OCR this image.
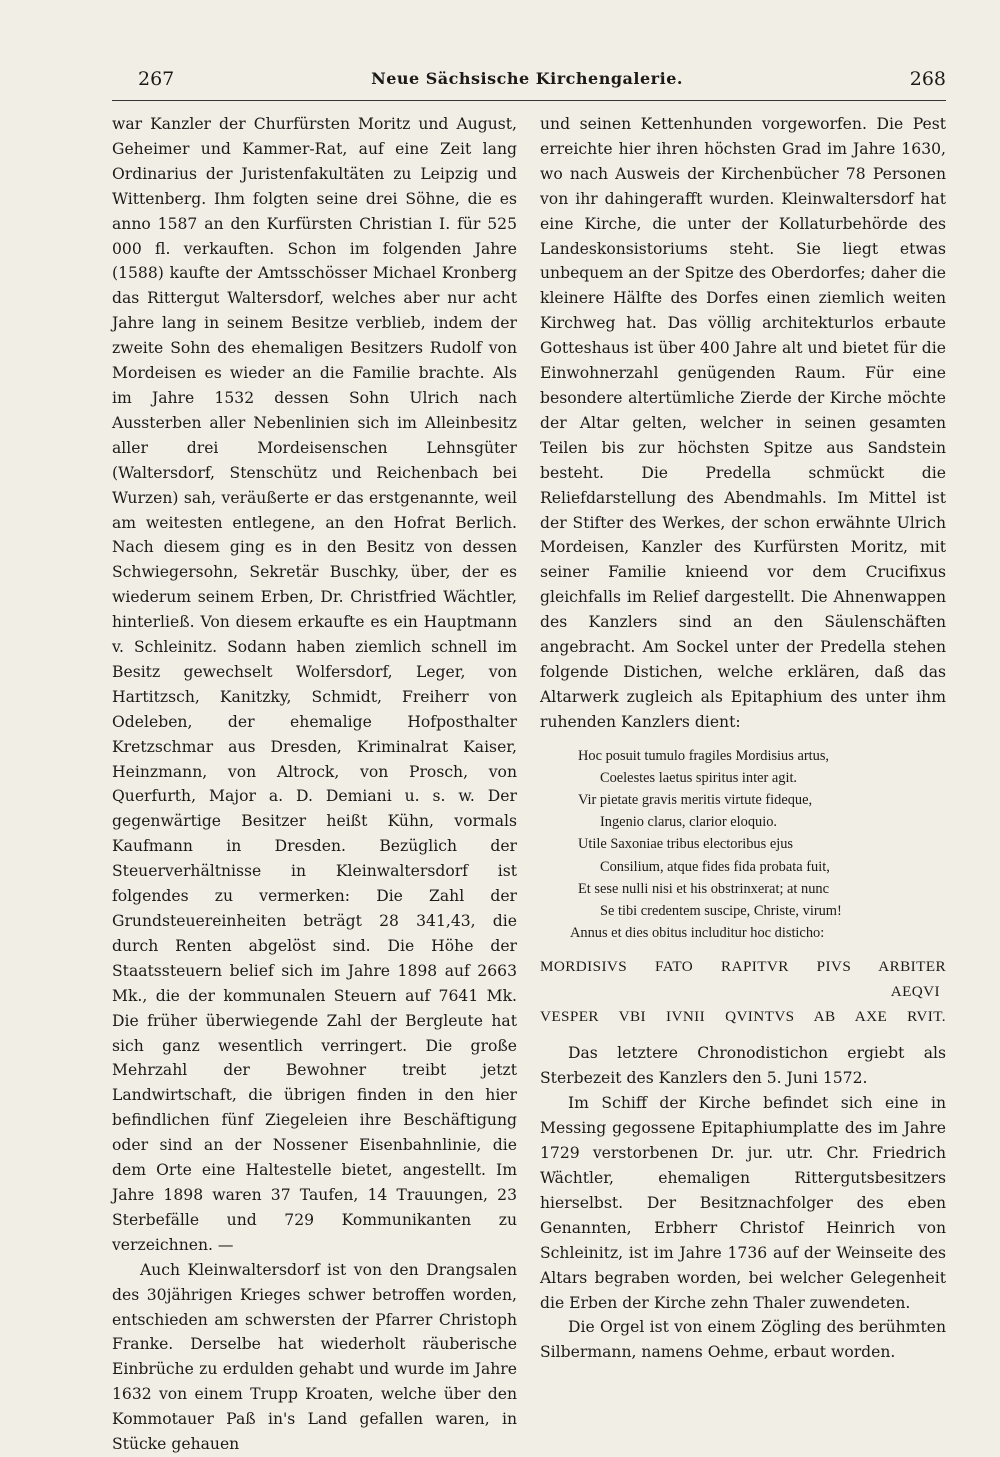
267	Neue Sächsische Kirchengalerie.	268

war Kanzler der Churfürsten Moritz und August, Geheimer und Kammer-Rat, auf eine Zeit lang Ordinarius der Juristenfakultäten zu Leipzig und Wittenberg. Ihm folgten seine drei Söhne, die es anno 1587 an den Kurfürsten Christian I. für 525 000 fl. verkauften. Schon im folgenden Jahre (1588) kaufte der Amtsschösser Michael Kronberg das Rittergut Waltersdorf, welches aber nur acht Jahre lang in seinem Besitze verblieb, indem der zweite Sohn des ehemaligen Besitzers Rudolf von Mordeisen es wieder an die Familie brachte. Als im Jahre 1532 dessen Sohn Ulrich nach Aussterben aller Nebenlinien sich im Alleinbesitz aller drei Mordeisenschen Lehnsgüter (Waltersdorf, Stenschütz und Reichenbach bei Wurzen) sah, veräußerte er das erstgenannte, weil am weitesten entlegene, an den Hofrat Berlich. Nach diesem ging es in den Besitz von dessen Schwiegersohn, Sekretär Buschky, über, der es wiederum seinem Erben, Dr. Christfried Wächtler, hinterließ. Von diesem erkaufte es ein Hauptmann v. Schleinitz. Sodann haben ziemlich schnell im Besitz gewechselt Wolfersdorf, Leger, von Hartitzsch, Kanitzky, Schmidt, Freiherr von Odeleben, der ehemalige Hofposthalter Kretzschmar aus Dresden, Kriminalrat Kaiser, Heinzmann, von Altrock, von Prosch, von Querfurth, Major a. D. Demiani u. s. w. Der gegenwärtige Besitzer heißt Kühn, vormals Kaufmann in Dresden. Bezüglich der Steuerverhältnisse in Kleinwaltersdorf ist folgendes zu vermerken: Die Zahl der Grundsteuereinheiten beträgt 28 341,43, die durch Renten abgelöst sind. Die Höhe der Staatssteuern belief sich im Jahre 1898 auf 2663 Mk., die der kommunalen Steuern auf 7641 Mk. Die früher überwiegende Zahl der Bergleute hat sich ganz wesentlich verringert. Die große Mehrzahl der Bewohner treibt jetzt Landwirtschaft, die übrigen finden in den hier befindlichen fünf Ziegeleien ihre Beschäftigung oder sind an der Nossener Eisenbahnlinie, die dem Orte eine Haltestelle bietet, angestellt. Im Jahre 1898 waren 37 Taufen, 14 Trauungen, 23 Sterbefälle und 729 Kommunikanten zu verzeichnen. —

Auch Kleinwaltersdorf ist von den Drangsalen des 30jährigen Krieges schwer betroffen worden, entschieden am schwersten der Pfarrer Christoph Franke. Derselbe hat wiederholt räuberische Einbrüche zu erdulden gehabt und wurde im Jahre 1632 von einem Trupp Kroaten, welche über den Kommotauer Paß in's Land gefallen waren, in Stücke gehauen

und seinen Kettenhunden vorgeworfen. Die Pest erreichte hier ihren höchsten Grad im Jahre 1630, wo nach Ausweis der Kirchenbücher 78 Personen von ihr dahingerafft wurden. Kleinwaltersdorf hat eine Kirche, die unter der Kollaturbehörde des Landeskonsistoriums steht. Sie liegt etwas unbequem an der Spitze des Oberdorfes; daher die kleinere Hälfte des Dorfes einen ziemlich weiten Kirchweg hat. Das völlig architekturlos erbaute Gotteshaus ist über 400 Jahre alt und bietet für die Einwohnerzahl genügenden Raum. Für eine besondere altertümliche Zierde der Kirche möchte der Altar gelten, welcher in seinen gesamten Teilen bis zur höchsten Spitze aus Sandstein besteht. Die Predella schmückt die Reliefdarstellung des Abendmahls. Im Mittel ist der Stifter des Werkes, der schon erwähnte Ulrich Mordeisen, Kanzler des Kurfürsten Moritz, mit seiner Familie knieend vor dem Crucifixus gleichfalls im Relief dargestellt. Die Ahnenwappen des Kanzlers sind an den Säulenschäften angebracht. Am Sockel unter der Predella stehen folgende Distichen, welche erklären, daß das Altarwerk zugleich als Epitaphium des unter ihm ruhenden Kanzlers dient:

Hoc posuit tumulo fragiles Mordisius artus,
Coelestes laetus spiritus inter agit.
Vir pietate gravis meritis virtute fideque,
Ingenio clarus, clarior eloquio.
Utile Saxoniae tribus electoribus ejus
Consilium, atque fides fida probata fuit,
Et sese nulli nisi et his obstrinxerat; at nunc
Se tibi credentem suscipe, Christe, virum!
Annus et dies obitus includitur hoc disticho:
MORDISIVS FATO RAPITVR PIVS ARBITER
AEQVI
VESPER VBI IVNII QVINTVS AB AXE RVIT.

Das letztere Chronodistichon ergiebt als Sterbezeit des Kanzlers den 5. Juni 1572.

Im Schiff der Kirche befindet sich eine in Messing gegossene Epitaphiumplatte des im Jahre 1729 verstorbenen Dr. jur. utr. Chr. Friedrich Wächtler, ehemaligen Rittergutsbesitzers hierselbst. Der Besitznachfolger des eben Genannten, Erbherr Christof Heinrich von Schleinitz, ist im Jahre 1736 auf der Weinseite des Altars begraben worden, bei welcher Gelegenheit die Erben der Kirche zehn Thaler zuwendeten.

Die Orgel ist von einem Zögling des berühmten Silbermann, namens Oehme, erbaut worden.
